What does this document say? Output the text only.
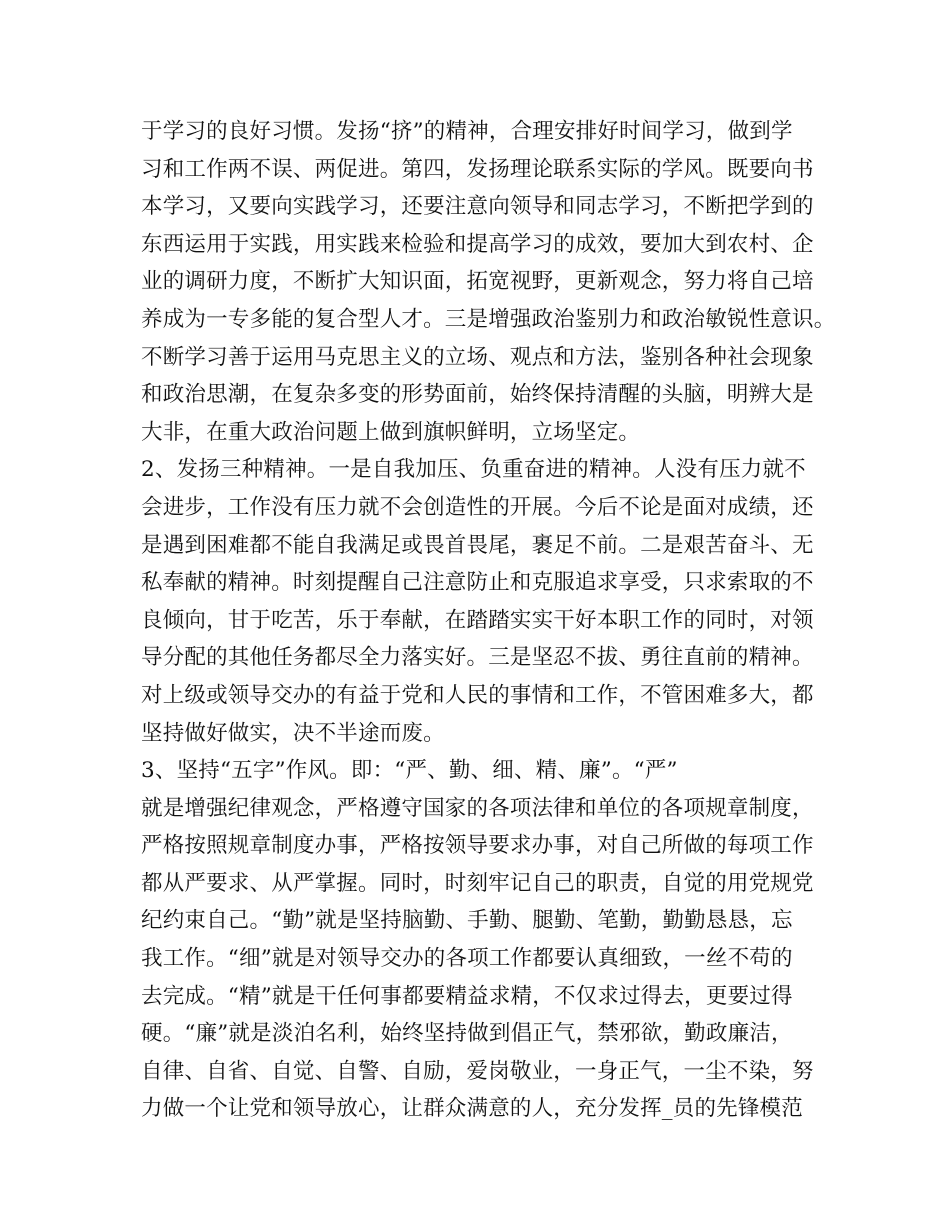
于学习的良好习惯。发扬“挤”的精神，合理安排好时间学习，做到学
习和工作两不误、两促进。第四，发扬理论联系实际的学风。既要向书
本学习，又要向实践学习，还要注意向领导和同志学习，不断把学到的
东西运用于实践，用实践来检验和提高学习的成效，要加大到农村、企
业的调研力度，不断扩大知识面，拓宽视野，更新观念，努力将自己培
养成为一专多能的复合型人才。三是增强政治鉴别力和政治敏锐性意识。
不断学习善于运用马克思主义的立场、观点和方法，鉴别各种社会现象
和政治思潮，在复杂多变的形势面前，始终保持清醒的头脑，明辨大是
大非，在重大政治问题上做到旗帜鲜明，立场坚定。
2、发扬三种精神。一是自我加压、负重奋进的精神。人没有压力就不
会进步，工作没有压力就不会创造性的开展。今后不论是面对成绩，还
是遇到困难都不能自我满足或畏首畏尾，裹足不前。二是艰苦奋斗、无
私奉献的精神。时刻提醒自己注意防止和克服追求享受，只求索取的不
良倾向，甘于吃苦，乐于奉献，在踏踏实实干好本职工作的同时，对领
导分配的其他任务都尽全力落实好。三是坚忍不拔、勇往直前的精神。
对上级或领导交办的有益于党和人民的事情和工作，不管困难多大，都
坚持做好做实，决不半途而废。
3、坚持“五字”作风。即：“严、勤、细、精、廉”。“严”
就是增强纪律观念，严格遵守国家的各项法律和单位的各项规章制度，
严格按照规章制度办事，严格按领导要求办事，对自己所做的每项工作
都从严要求、从严掌握。同时，时刻牢记自己的职责，自觉的用党规党
纪约束自己。“勤”就是坚持脑勤、手勤、腿勤、笔勤，勤勤恳恳，忘
我工作。“细”就是对领导交办的各项工作都要认真细致，一丝不苟的
去完成。“精”就是干任何事都要精益求精，不仅求过得去，更要过得
硬。“廉”就是淡泊名利，始终坚持做到倡正气，禁邪欲，勤政廉洁，
自律、自省、自觉、自警、自励，爱岗敬业，一身正气，一尘不染，努
力做一个让党和领导放心，让群众满意的人，充分发挥_员的先锋模范
